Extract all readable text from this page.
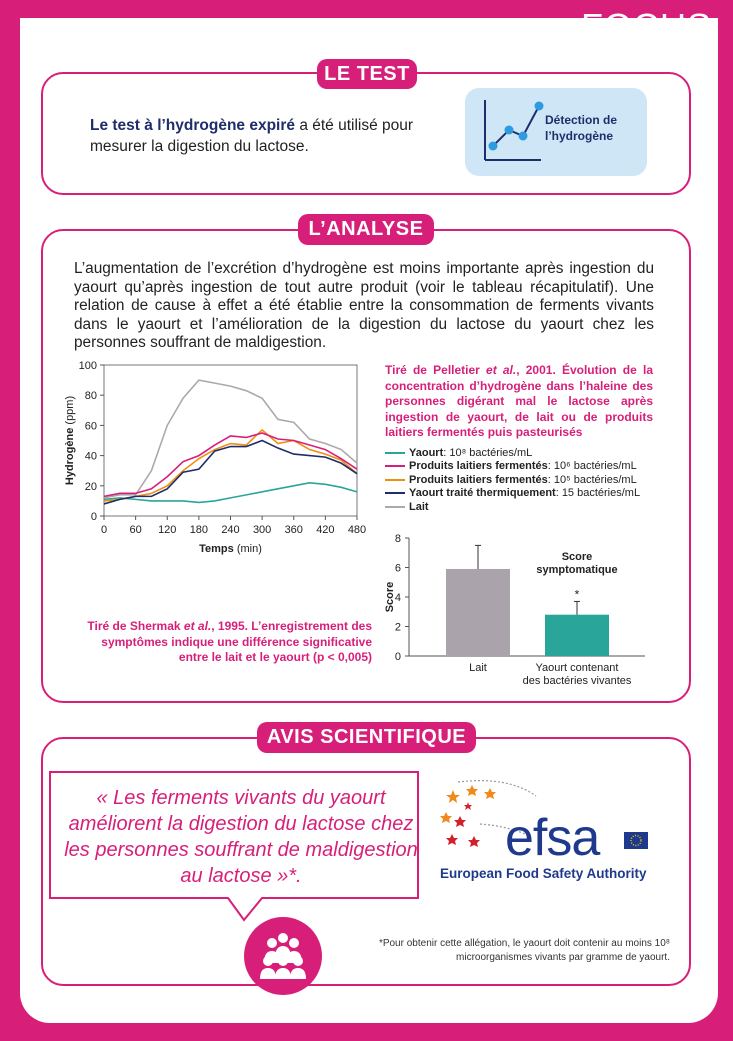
LE TEST
Le test à l’hydrogène expiré a été utilisé pour mesurer la digestion du lactose.
Détection de l’hydrogène
L’ANALYSE
L’augmentation de l’excrétion d’hydrogène est moins importante après ingestion du yaourt qu’après ingestion de tout autre produit (voir le tableau récapitulatif). Une relation de cause à effet a été établie entre la consommation de ferments vivants dans le yaourt et l’amélioration de la digestion du lactose du yaourt chez les personnes souffrant de maldigestion.
0
20
40
60
80
100
0 60 120 180 240 300 360 420 480
Temps (min)
Hydrogène (ppm)
Tiré de Pelletier et al., 2001. Évolution de la concentration d’hydrogène dans l’haleine des personnes digérant mal le lactose après ingestion de yaourt, de lait ou de produits laitiers fermentés puis pasteurisés
Yaourt : 10⁸ bactéries/mL
Produits laitiers fermentés : 10⁶ bactéries/mL
Produits laitiers fermentés : 10⁵ bactéries/mL
Yaourt traité thermiquement : 15 bactéries/mL
Lait
0
2
4
6
8
Score	*
Score symptomatique
Lait	Yaourt contenant des bactéries vivantes
Tiré de Shermak et al., 1995. L’enregistrement des symptômes indique une différence significative entre le lait et le yaourt (p < 0,005)
AVIS SCIENTIFIQUE
« Les ferments vivants du yaourt améliorent la digestion du lactose chez les personnes souffrant de maldigestion au lactose »*.
efsa
European Food Safety Authority
*Pour obtenir cette allégation, le yaourt doit contenir au moins 10⁸ microorganismes vivants par gramme de yaourt.
